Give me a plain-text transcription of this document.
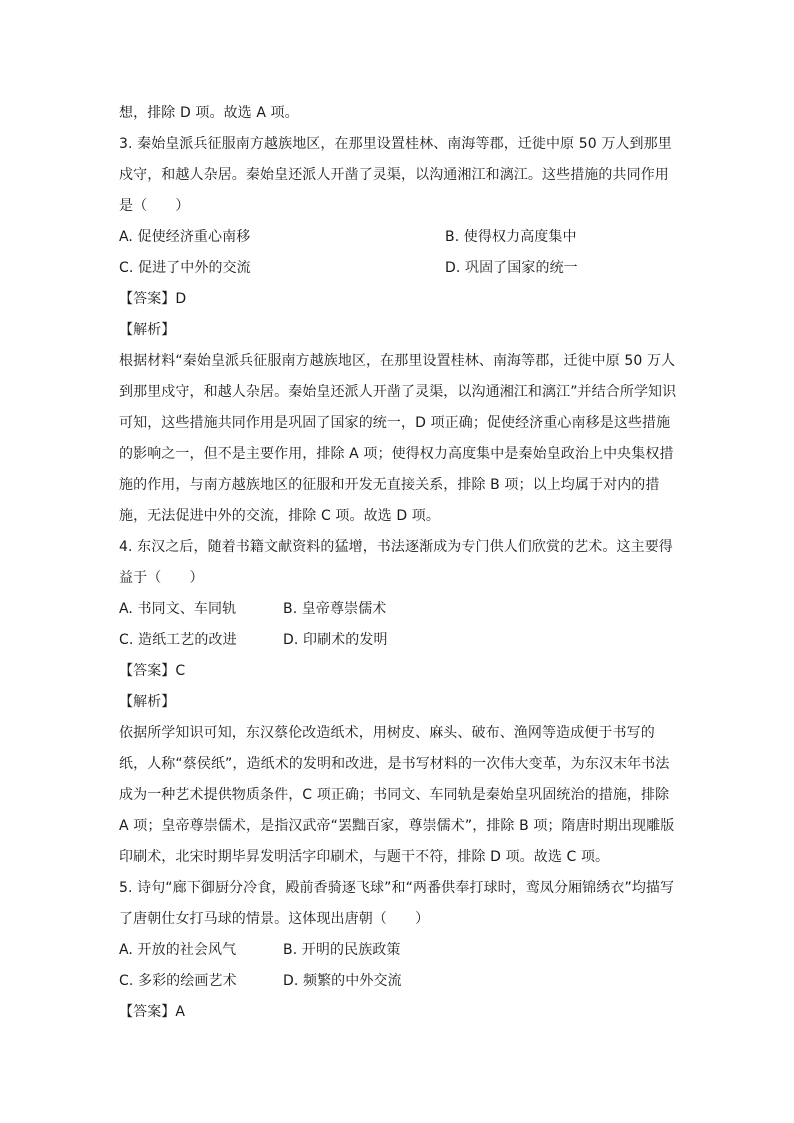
想，排除 D 项。故选 A 项。
3. 秦始皇派兵征服南方越族地区，在那里设置桂林、南海等郡，迁徙中原 50 万人到那里
戍守，和越人杂居。秦始皇还派人开凿了灵渠，以沟通湘江和漓江。这些措施的共同作用
是（　　）
A. 促使经济重心南移	B. 使得权力高度集中
C. 促进了中外的交流	D. 巩固了国家的统一
【答案】D
【解析】
根据材料“秦始皇派兵征服南方越族地区，在那里设置桂林、南海等郡，迁徙中原 50 万人
到那里戍守，和越人杂居。秦始皇还派人开凿了灵渠，以沟通湘江和漓江”并结合所学知识
可知，这些措施共同作用是巩固了国家的统一，D 项正确；促使经济重心南移是这些措施
的影响之一，但不是主要作用，排除 A 项；使得权力高度集中是秦始皇政治上中央集权措
施的作用，与南方越族地区的征服和开发无直接关系，排除 B 项；以上均属于对内的措
施，无法促进中外的交流，排除 C 项。故选 D 项。
4. 东汉之后，随着书籍文献资料的猛增，书法逐渐成为专门供人们欣赏的艺术。这主要得
益于（　　）
A. 书同文、车同轨	B. 皇帝尊崇儒术
C. 造纸工艺的改进	D. 印刷术的发明
【答案】C
【解析】
依据所学知识可知，东汉蔡伦改造纸术，用树皮、麻头、破布、渔网等造成便于书写的
纸，人称“蔡侯纸”，造纸术的发明和改进，是书写材料的一次伟大变革，为东汉末年书法
成为一种艺术提供物质条件，C 项正确；书同文、车同轨是秦始皇巩固统治的措施，排除
A 项；皇帝尊崇儒术，是指汉武帝“罢黜百家，尊崇儒术”，排除 B 项；隋唐时期出现雕版
印刷术，北宋时期毕昇发明活字印刷术，与题干不符，排除 D 项。故选 C 项。
5. 诗句“廊下御厨分冷食，殿前香骑逐飞球”和“两番供奉打球时，鸾凤分厢锦绣衣”均描写
了唐朝仕女打马球的情景。这体现出唐朝（　　）
A. 开放的社会风气	B. 开明的民族政策
C. 多彩的绘画艺术	D. 频繁的中外交流
【答案】A
